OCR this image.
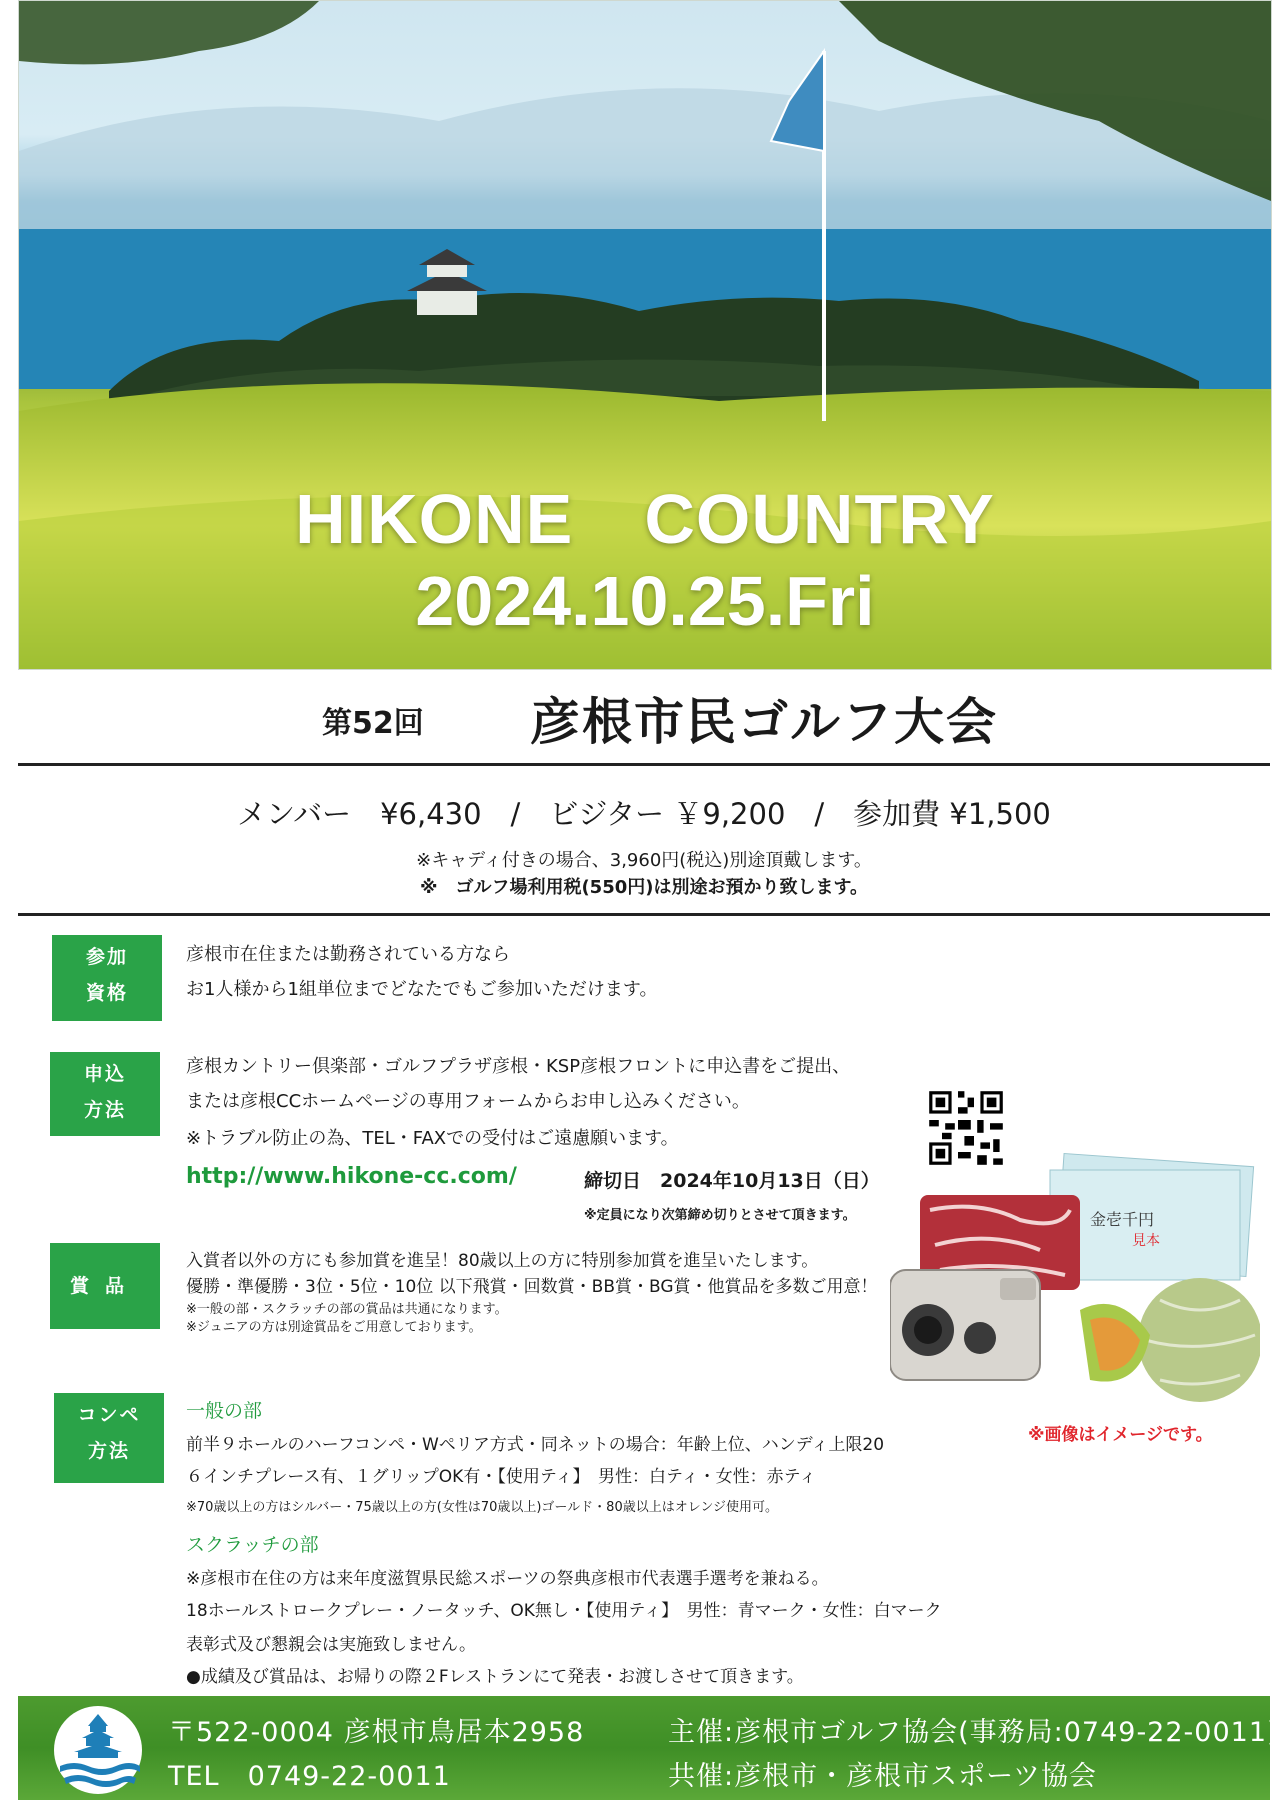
HIKONE　COUNTRY
2024.10.25.Fri
第52回 彦根市民ゴルフ大会
メンバー　¥6,430　/　ビジター ￥9,200　/　参加費 ¥1,500
※キャディ付きの場合、3,960円(税込)別途頂戴します。
※　ゴルフ場利用税(550円)は別途お預かり致します。
参加
資格
彦根市在住または勤務されている方なら
お1人様から1組単位までどなたでもご参加いただけます。
申込
方法
彦根カントリー倶楽部・ゴルフプラザ彦根・KSP彦根フロントに申込書をご提出、
または彦根CCホームページの専用フォームからお申し込みください。
※トラブル防止の為、TEL・FAXでの受付はご遠慮願います。
http://www.hikone-cc.com/	締切日　2024年10月13日（日）
※定員になり次第締め切りとさせて頂きます。
賞品
入賞者以外の方にも参加賞を進呈！80歳以上の方に特別参加賞を進呈いたします。
優勝・準優勝・3位・5位・10位 以下飛賞・回数賞・BB賞・BG賞・他賞品を多数ご用意！
※一般の部・スクラッチの部の賞品は共通になります。
※ジュニアの方は別途賞品をご用意しております。
金壱千円
見本
※画像はイメージです。
コンペ
方法
一般の部
前半９ホールのハーフコンペ・Wペリア方式・同ネットの場合：年齢上位、ハンディ上限20
６インチプレース有、１グリップOK有・【使用ティ】　男性：白ティ・女性：赤ティ
※70歳以上の方はシルバー・75歳以上の方(女性は70歳以上)ゴールド・80歳以上はオレンジ使用可。
スクラッチの部
※彦根市在住の方は来年度滋賀県民総スポーツの祭典彦根市代表選手選考を兼ねる。
18ホールストロークプレー・ノータッチ、OK無し・【使用ティ】　男性：青マーク・女性：白マーク
表彰式及び懇親会は実施致しません。
●成績及び賞品は、お帰りの際２Fレストランにて発表・お渡しさせて頂きます。
〒522-0004 彦根市鳥居本2958
TEL　0749-22-0011
主催:彦根市ゴルフ協会(事務局:0749-22-0011)
共催:彦根市・彦根市スポーツ協会
